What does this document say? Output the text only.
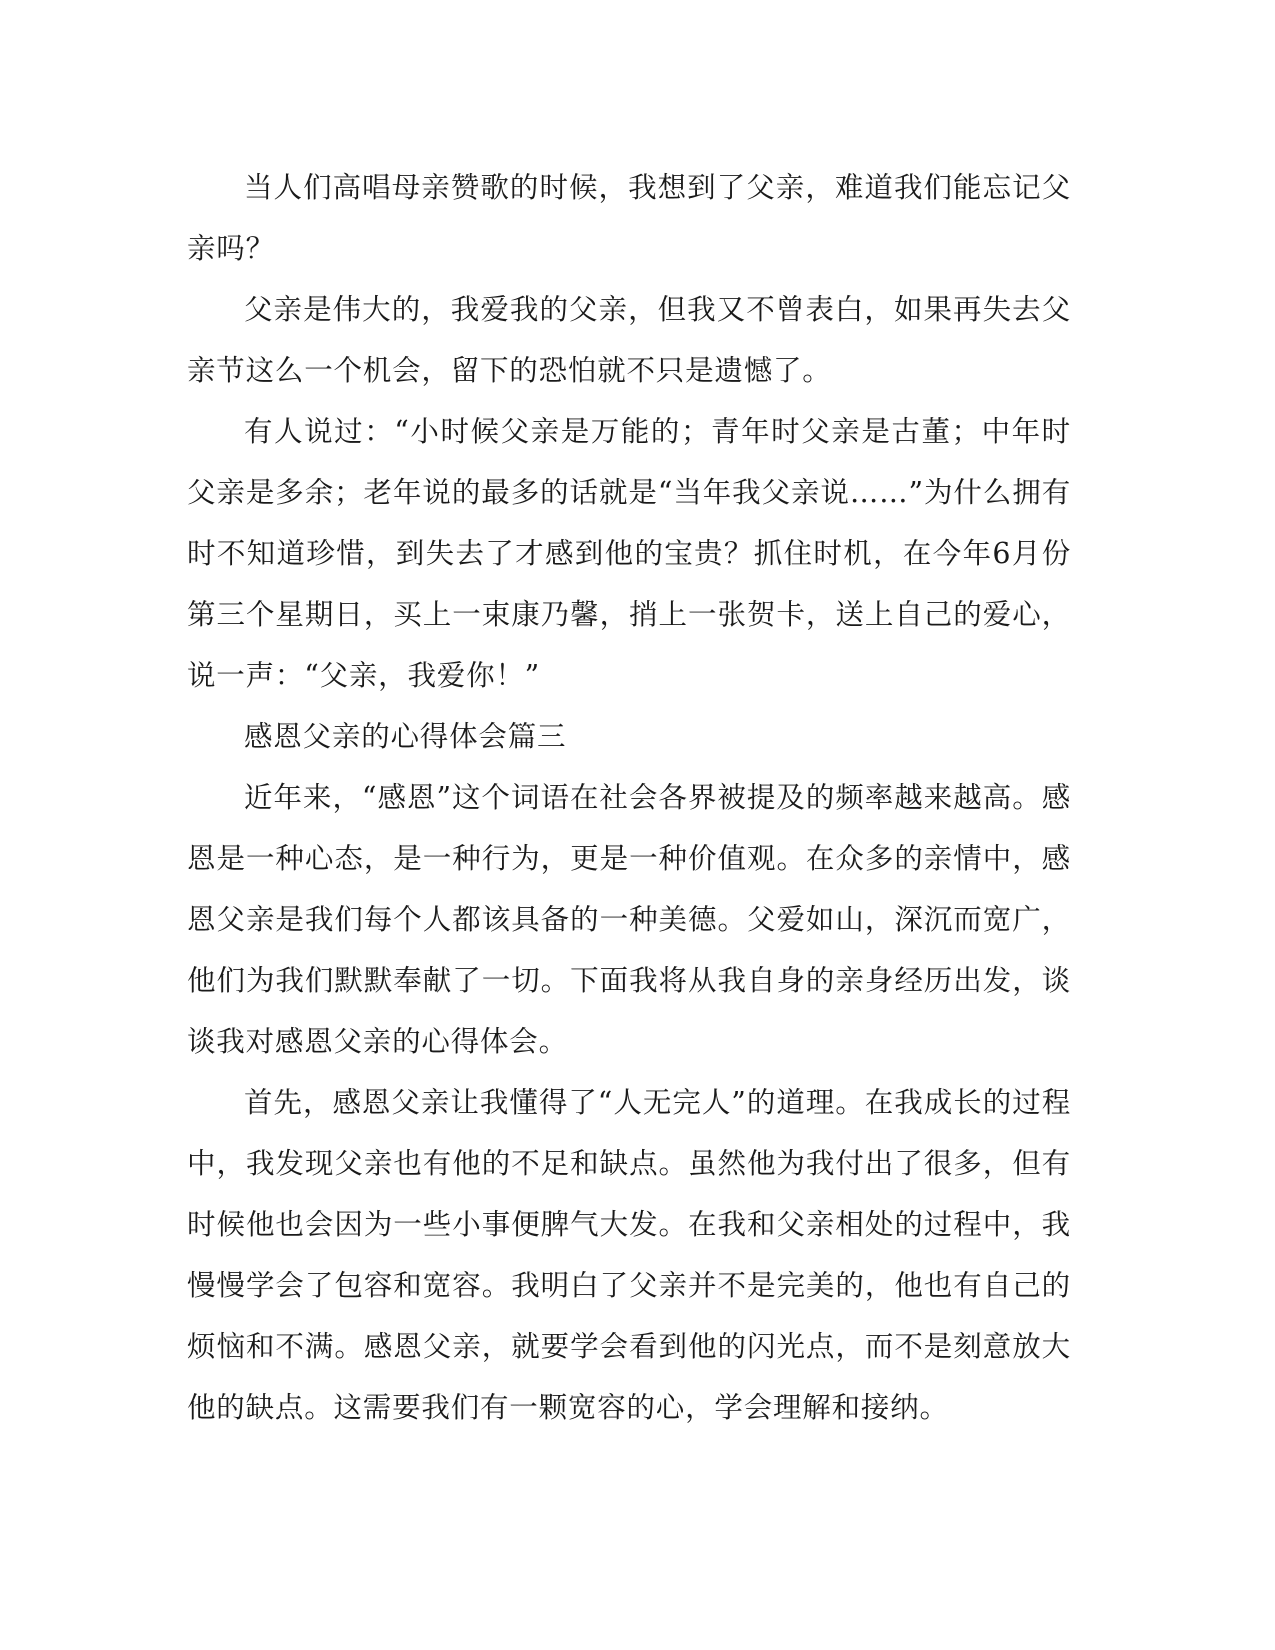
当人们高唱母亲赞歌的时候，我想到了父亲，难道我们能忘记父亲吗？

父亲是伟大的，我爱我的父亲，但我又不曾表白，如果再失去父亲节这么一个机会，留下的恐怕就不只是遗憾了。

有人说过：“小时候父亲是万能的；青年时父亲是古董；中年时父亲是多余；老年说的最多的话就是“当年我父亲说……”为什么拥有时不知道珍惜，到失去了才感到他的宝贵？抓住时机，在今年6月份第三个星期日，买上一束康乃馨，捎上一张贺卡，送上自己的爱心，说一声：“父亲，我爱你！”

感恩父亲的心得体会篇三

近年来，“感恩”这个词语在社会各界被提及的频率越来越高。感恩是一种心态，是一种行为，更是一种价值观。在众多的亲情中，感恩父亲是我们每个人都该具备的一种美德。父爱如山，深沉而宽广，他们为我们默默奉献了一切。下面我将从我自身的亲身经历出发，谈谈我对感恩父亲的心得体会。

首先，感恩父亲让我懂得了“人无完人”的道理。在我成长的过程中，我发现父亲也有他的不足和缺点。虽然他为我付出了很多，但有时候他也会因为一些小事便脾气大发。在我和父亲相处的过程中，我慢慢学会了包容和宽容。我明白了父亲并不是完美的，他也有自己的烦恼和不满。感恩父亲，就要学会看到他的闪光点，而不是刻意放大他的缺点。这需要我们有一颗宽容的心，学会理解和接纳。
